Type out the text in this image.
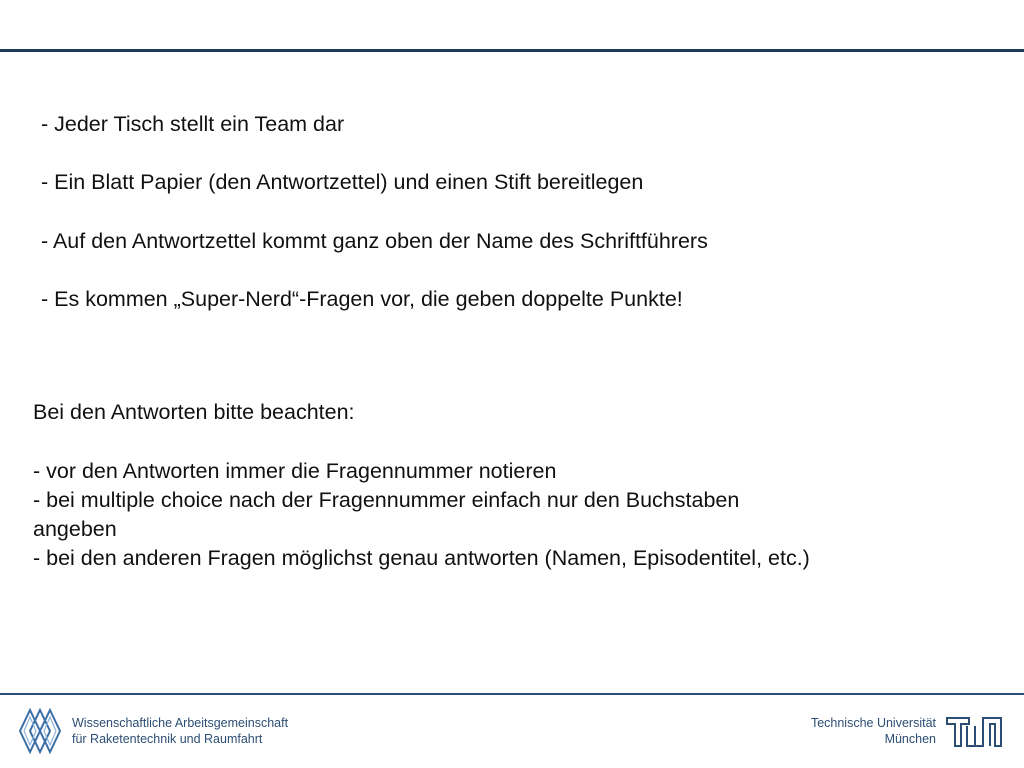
- Jeder Tisch stellt ein Team dar
- Ein Blatt Papier (den Antwortzettel) und einen Stift bereitlegen
- Auf den Antwortzettel kommt ganz oben der Name des Schriftführers
- Es kommen „Super-Nerd“-Fragen vor, die geben doppelte Punkte!
Bei den Antworten bitte beachten:
- vor den Antworten immer die Fragennummer notieren
- bei multiple choice nach der Fragennummer einfach nur den Buchstaben
angeben
- bei den anderen Fragen möglichst genau antworten (Namen, Episodentitel, etc.)
Wissenschaftliche Arbeitsgemeinschaft
für Raketentechnik und Raumfahrt
Technische Universität
München
